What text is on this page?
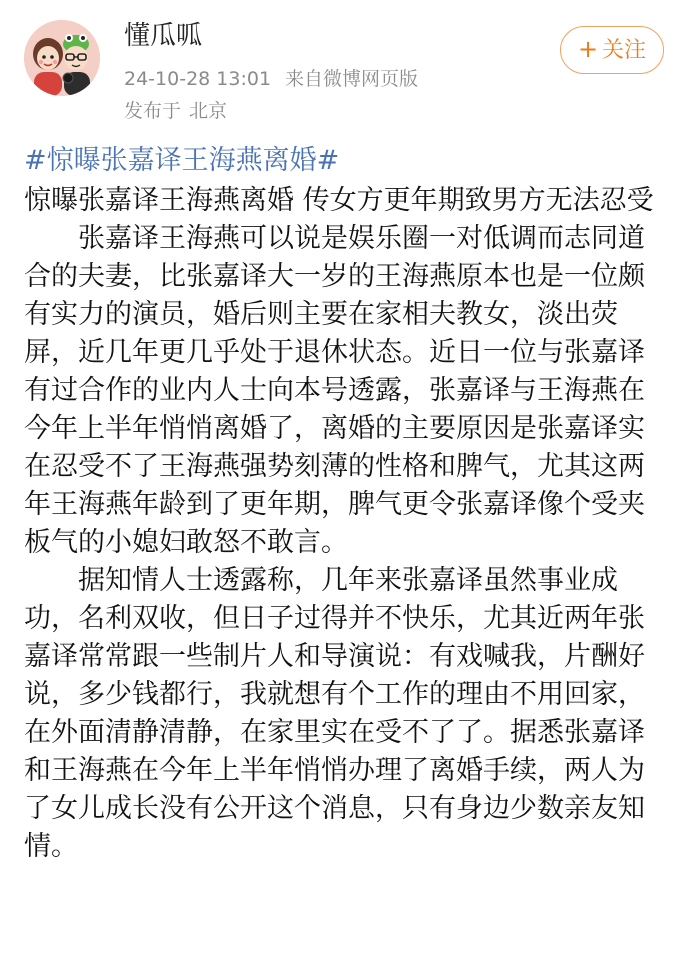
懂瓜呱
24-10-28 13:01 来自微博网页版
发布于 北京
+ 关注
#惊曝张嘉译王海燕离婚#

惊曝张嘉译王海燕离婚 传女方更年期致男方无法忍受

张嘉译王海燕可以说是娱乐圈一对低调而志同道合的夫妻，比张嘉译大一岁的王海燕原本也是一位颇有实力的演员，婚后则主要在家相夫教女，淡出荧屏，近几年更几乎处于退休状态。近日一位与张嘉译有过合作的业内人士向本号透露，张嘉译与王海燕在今年上半年悄悄离婚了，离婚的主要原因是张嘉译实在忍受不了王海燕强势刻薄的性格和脾气，尤其这两年王海燕年龄到了更年期，脾气更令张嘉译像个受夹板气的小媳妇敢怒不敢言。

据知情人士透露称，几年来张嘉译虽然事业成功，名利双收，但日子过得并不快乐，尤其近两年张嘉译常常跟一些制片人和导演说：有戏喊我，片酬好说，多少钱都行，我就想有个工作的理由不用回家，在外面清静清静，在家里实在受不了了。据悉张嘉译和王海燕在今年上半年悄悄办理了离婚手续，两人为了女儿成长没有公开这个消息，只有身边少数亲友知情。
